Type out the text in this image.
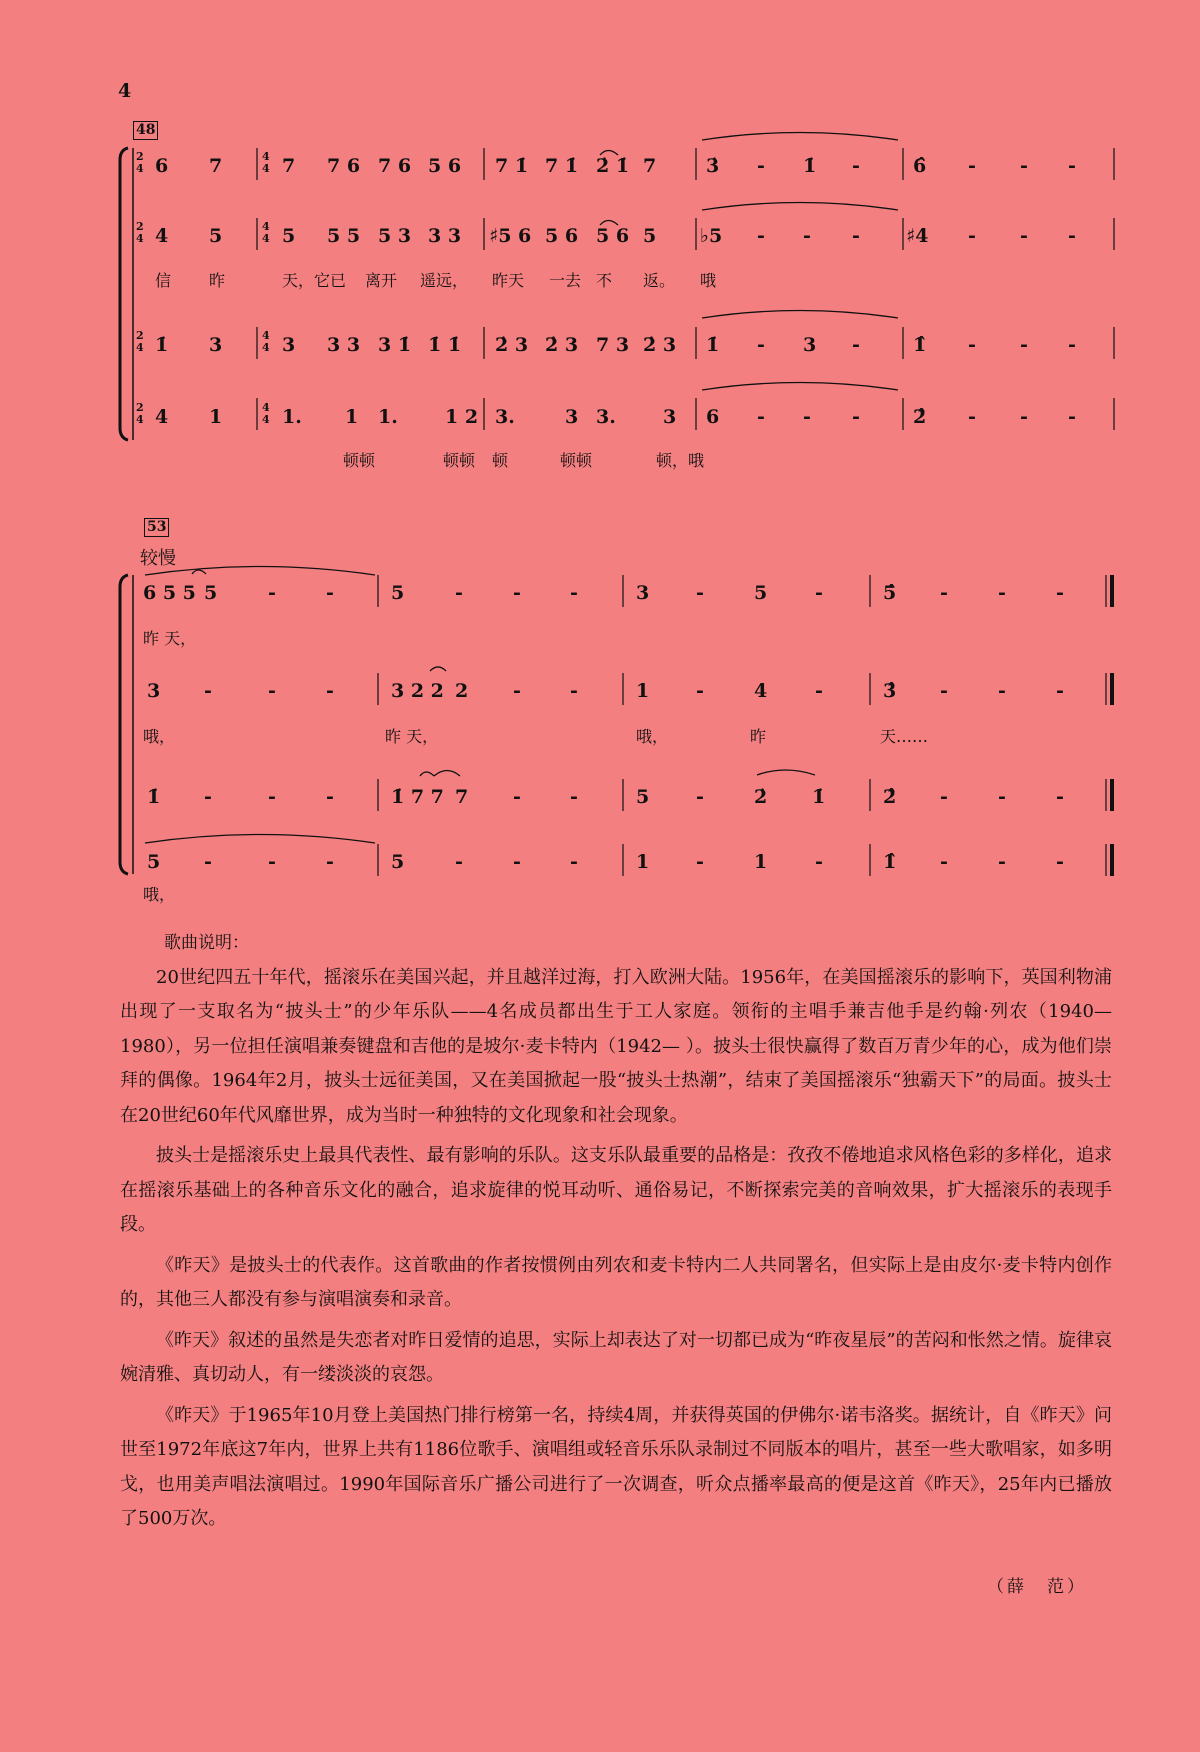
4
48
53
较慢
2
4
2
4
2
4
2
4
4
4
4
4
4
4
4
4
6 7	7 7 6 7 6 5 6 7 1̇ 7 1̇ 2̇ 1̇ 7	3̇ - 1̇ -	6̂ - - -
4 5	5 5 5 5 3 3 3 ♯5 6 5 6 5 6 5 ♭5 - - - ♯4 - - -
信 昨	天，它已 离开 遥远， 昨天 一去 不 返。 哦
1̇ 3	3 3 3 3 1̇ 1̇ 1̇ 2̇ 3 2̇ 3 7 3 2̇ 3 1̇ - 3 -	1̂ - - -
4 1	1. 1 1. 1 2 3.	3 3. 3 6 - - -	2̂ - - -
顿顿	顿顿 顿	顿顿	顿，哦
6 5 5 5	-	-	5	-	-	-	3 -	5	-	5̂ -	-	-
昨 天，
3 -	-	-	3 2 2 2 -	-	1 -	4	-	3̂ -	-	-
哦，	昨 天，	哦，	昨	天……
1̇ -	-	-	1̇ 7 7 7 -	-	5 -	2̇ 1̇	2̂ -	-	-
5 -	-	-	5	-	-	-	1 -	1	-	1̂ -	-	-
哦，
歌曲说明：

20世纪四五十年代，摇滚乐在美国兴起，并且越洋过海，打入欧洲大陆。1956年，在美国摇滚乐的影响下，英国利物浦出现了一支取名为“披头士”的少年乐队——4名成员都出生于工人家庭。领衔的主唱手兼吉他手是约翰·列农（1940—1980），另一位担任演唱兼奏键盘和吉他的是坡尔·麦卡特内（1942— ）。披头士很快赢得了数百万青少年的心，成为他们崇拜的偶像。1964年2月，披头士远征美国，又在美国掀起一股“披头士热潮”，结束了美国摇滚乐“独霸天下”的局面。披头士在20世纪60年代风靡世界，成为当时一种独特的文化现象和社会现象。

披头士是摇滚乐史上最具代表性、最有影响的乐队。这支乐队最重要的品格是：孜孜不倦地追求风格色彩的多样化，追求在摇滚乐基础上的各种音乐文化的融合，追求旋律的悦耳动听、通俗易记，不断探索完美的音响效果，扩大摇滚乐的表现手段。

《昨天》是披头士的代表作。这首歌曲的作者按惯例由列农和麦卡特内二人共同署名，但实际上是由皮尔·麦卡特内创作的，其他三人都没有参与演唱演奏和录音。

《昨天》叙述的虽然是失恋者对昨日爱情的追思，实际上却表达了对一切都已成为“昨夜星辰”的苦闷和怅然之情。旋律哀婉清雅、真切动人，有一缕淡淡的哀怨。

《昨天》于1965年10月登上美国热门排行榜第一名，持续4周，并获得英国的伊佛尔·诺韦洛奖。据统计，自《昨天》问世至1972年底这7年内，世界上共有1186位歌手、演唱组或轻音乐乐队录制过不同版本的唱片，甚至一些大歌唱家，如多明戈，也用美声唱法演唱过。1990年国际音乐广播公司进行了一次调查，听众点播率最高的便是这首《昨天》，25年内已播放了500万次。

（薛　范）
